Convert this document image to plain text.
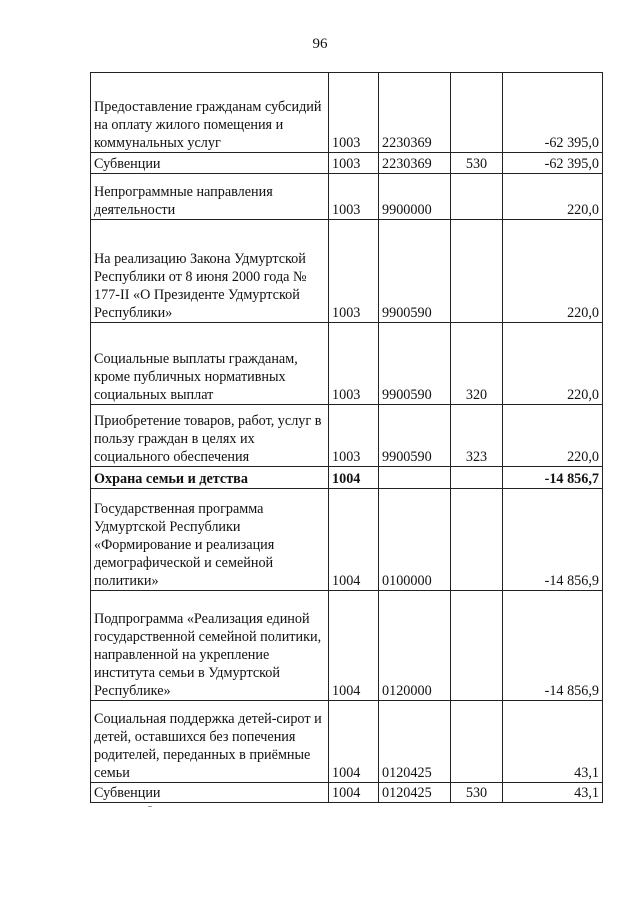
96
Предоставление гражданам субсидий на оплату жилого помещения и коммунальных услуг	1003	2230369		-62 395,0
Субвенции	1003	2230369	530	-62 395,0
Непрограммные направления деятельности	1003	9900000		220,0
На реализацию Закона Удмуртской Республики от 8 июня 2000 года № 177-II «О Президенте Удмуртской Республики»	1003	9900590		220,0
Социальные выплаты гражданам, кроме публичных нормативных социальных выплат	1003	9900590	320	220,0
Приобретение товаров, работ, услуг в пользу граждан в целях их социального обеспечения	1003	9900590	323	220,0
Охрана семьи и детства	1004			-14 856,7
Государственная программа Удмуртской Республики «Формирование и реализация демографической и семейной политики»	1004	0100000		-14 856,9
Подпрограмма «Реализация единой государственной семейной политики, направленной на укрепление института семьи в Удмуртской Республике»	1004	0120000		-14 856,9
Социальная поддержка детей-сирот и детей, оставшихся без попечения родителей, переданных в приёмные семьи	1004	0120425		43,1
Субвенции	1004	0120425	530	43,1
